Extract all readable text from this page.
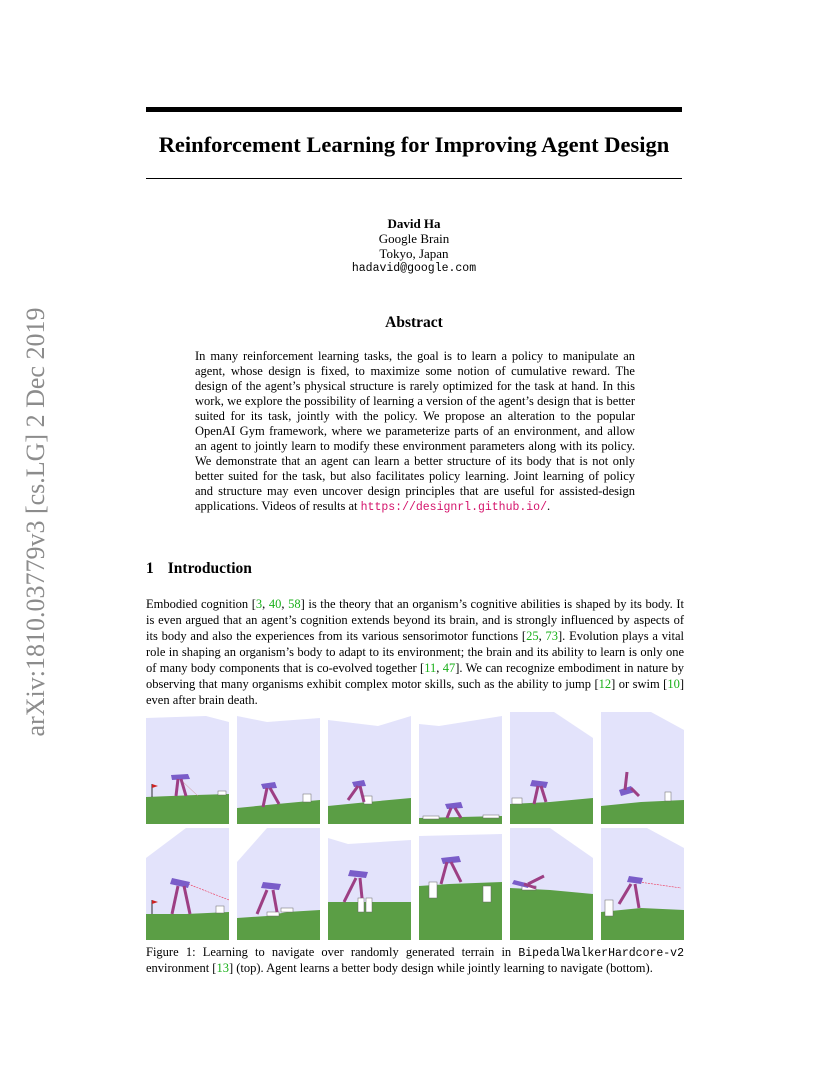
Reinforcement Learning for Improving Agent Design
arXiv:1810.03779v3 [cs.LG] 2 Dec 2019
David Ha
Google Brain
Tokyo, Japan
hadavid@google.com
Abstract
In many reinforcement learning tasks, the goal is to learn a policy to manipulate an agent, whose design is fixed, to maximize some notion of cumulative reward. The design of the agent’s physical structure is rarely optimized for the task at hand. In this work, we explore the possibility of learning a version of the agent’s design that is better suited for its task, jointly with the policy. We propose an alteration to the popular OpenAI Gym framework, where we parameterize parts of an environment, and allow an agent to jointly learn to modify these environment parameters along with its policy. We demonstrate that an agent can learn a better structure of its body that is not only better suited for the task, but also facilitates policy learning. Joint learning of policy and structure may even uncover design principles that are useful for assisted-design applications. Videos of results at https://designrl.github.io/.
1 Introduction
Embodied cognition [3, 40, 58] is the theory that an organism’s cognitive abilities is shaped by its body. It is even argued that an agent’s cognition extends beyond its brain, and is strongly influenced by aspects of its body and also the experiences from its various sensorimotor functions [25, 73]. Evolution plays a vital role in shaping an organism’s body to adapt to its environment; the brain and its ability to learn is only one of many body components that is co-evolved together [11, 47]. We can recognize embodiment in nature by observing that many organisms exhibit complex motor skills, such as the ability to jump [12] or swim [10] even after brain death.
Figure 1: Learning to navigate over randomly generated terrain in BipedalWalkerHardcore-v2 environment [13] (top). Agent learns a better body design while jointly learning to navigate (bottom).
